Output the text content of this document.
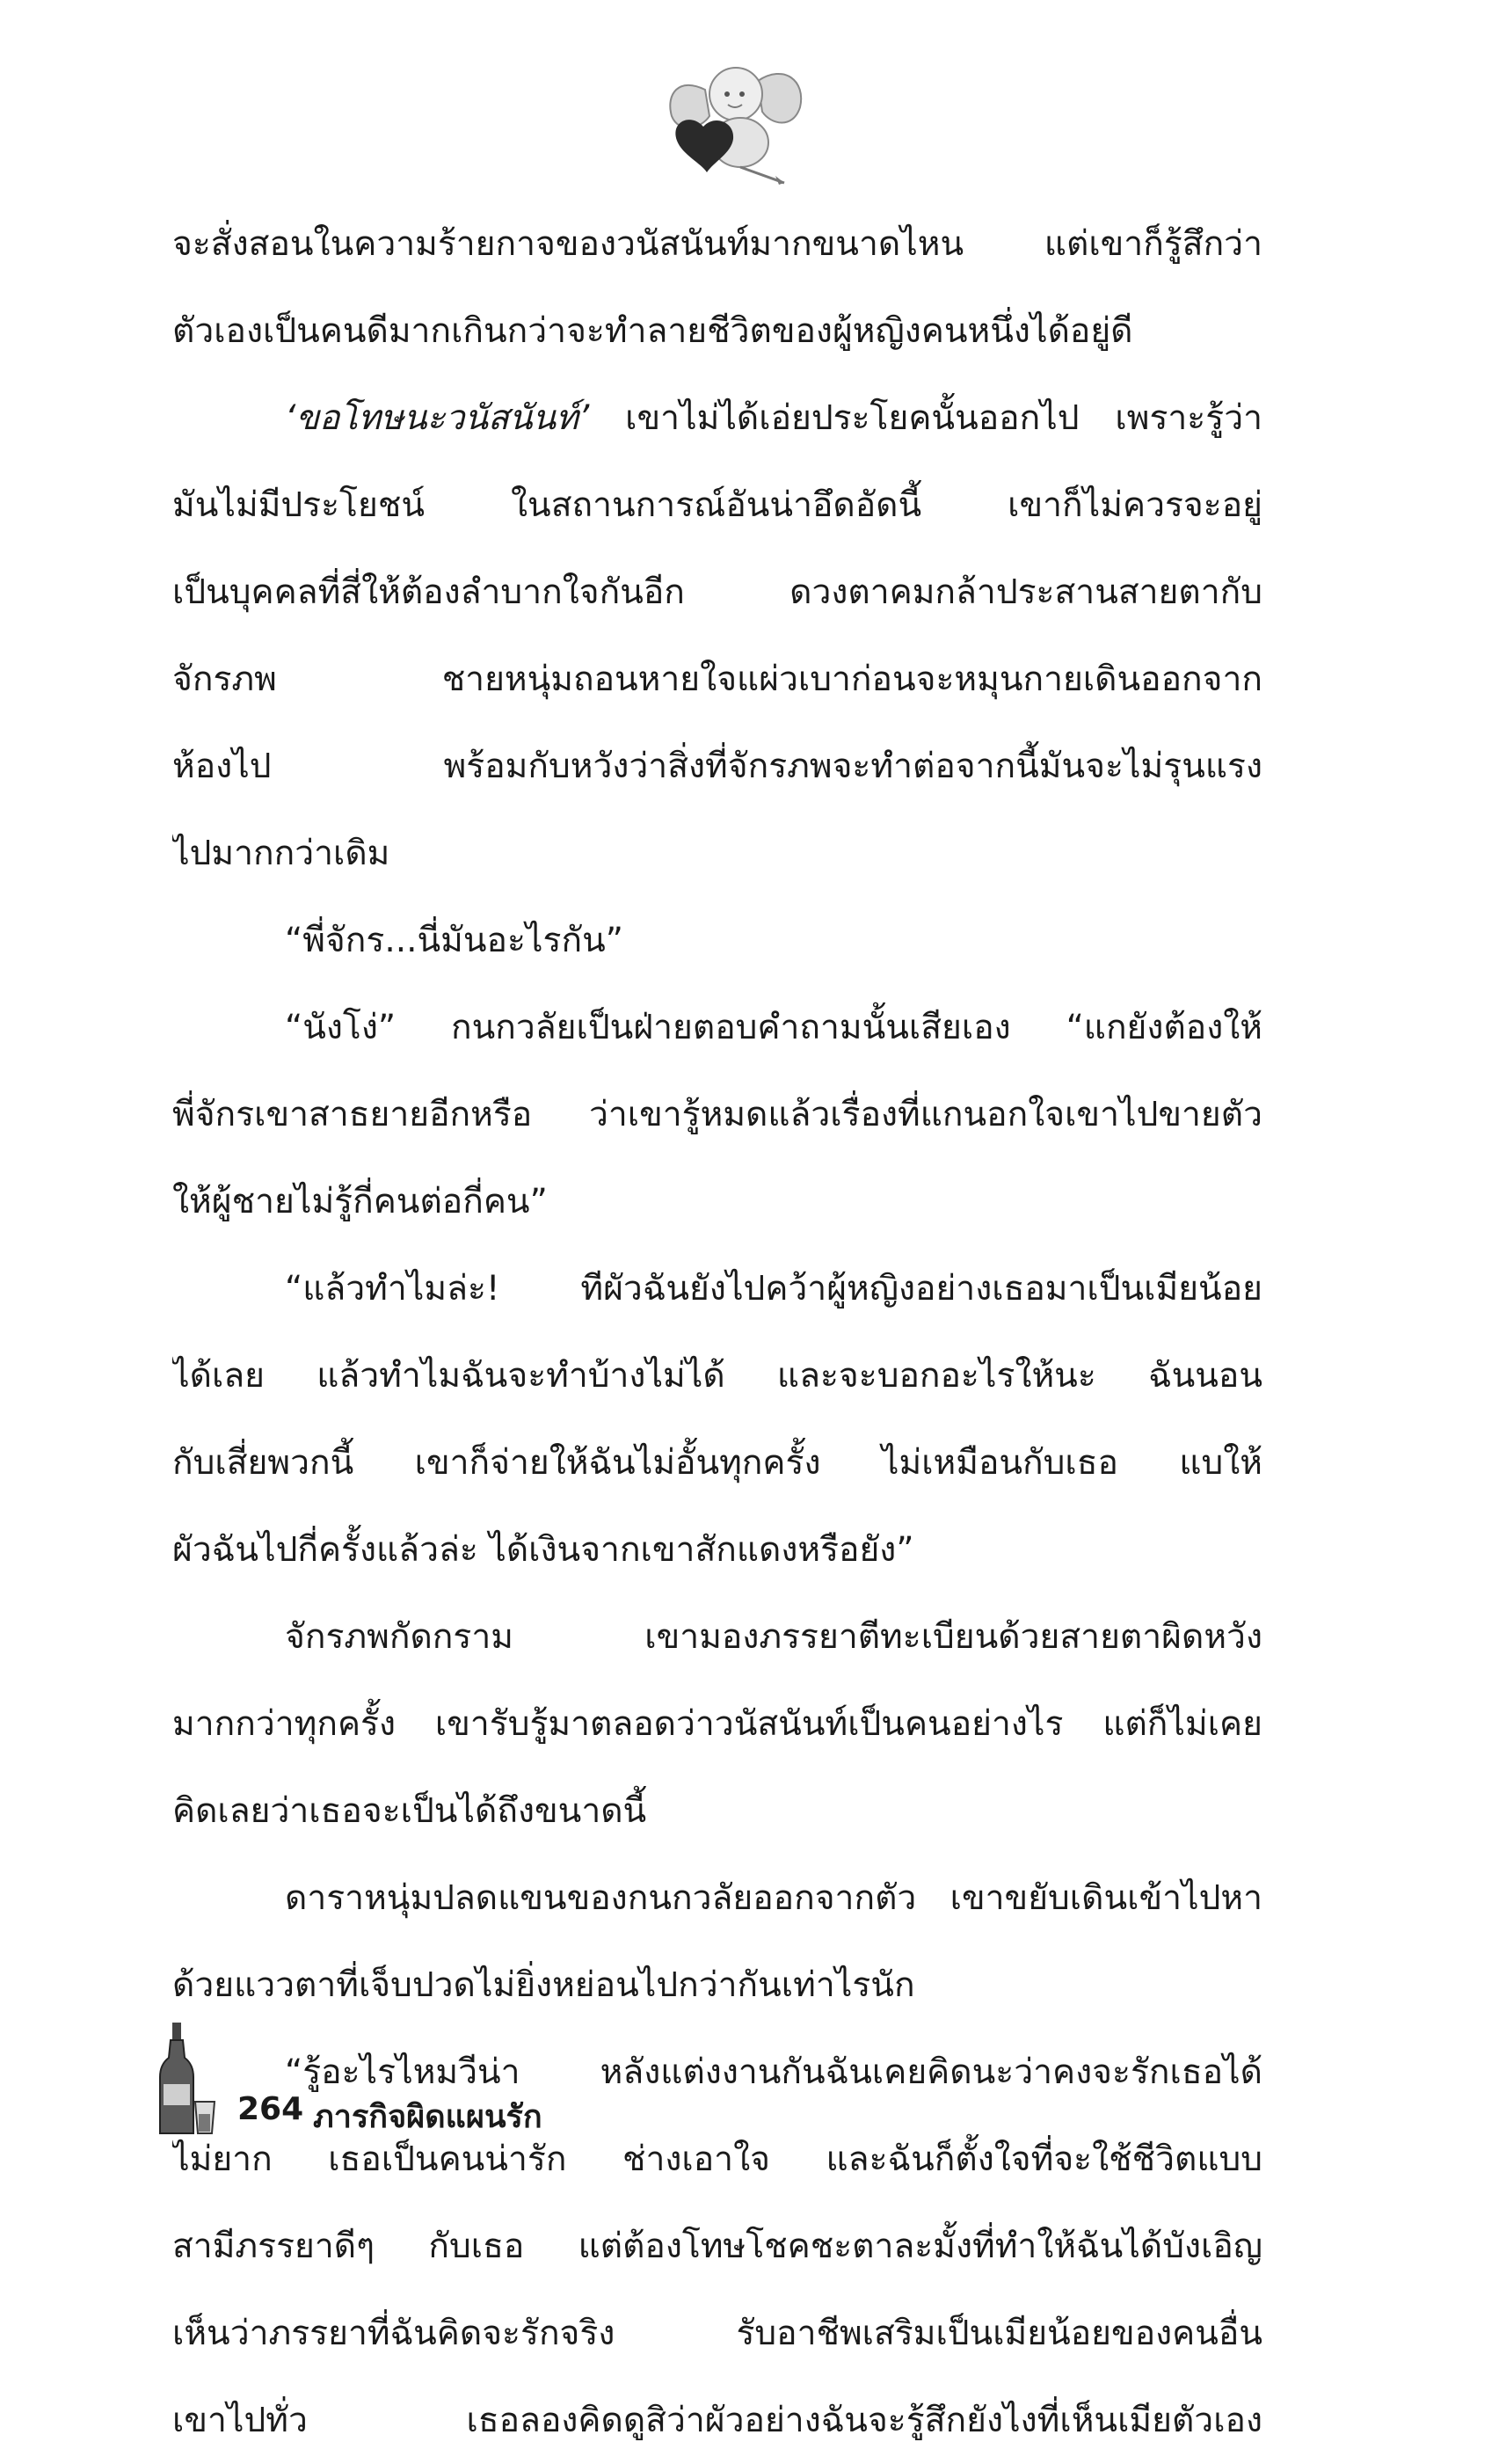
จะสั่งสอนในความร้ายกาจของวนัสนันท์มากขนาดไหน แต่เขาก็รู้สึกว่า
ตัวเองเป็นคนดีมากเกินกว่าจะทำลายชีวิตของผู้หญิงคนหนึ่งได้อยู่ดี
‘ขอโทษนะวนัสนันท์’ เขาไม่ได้เอ่ยประโยคนั้นออกไป เพราะรู้ว่า
มันไม่มีประโยชน์ ในสถานการณ์อันน่าอึดอัดนี้ เขาก็ไม่ควรจะอยู่
เป็นบุคคลที่สี่ให้ต้องลำบากใจกันอีก ดวงตาคมกล้าประสานสายตากับ
จักรภพ ชายหนุ่มถอนหายใจแผ่วเบาก่อนจะหมุนกายเดินออกจาก
ห้องไป พร้อมกับหวังว่าสิ่งที่จักรภพจะทำต่อจากนี้มันจะไม่รุนแรง
ไปมากกว่าเดิม
“พี่จักร...นี่มันอะไรกัน”
“นังโง่” กนกวลัยเป็นฝ่ายตอบคำถามนั้นเสียเอง “แกยังต้องให้
พี่จักรเขาสาธยายอีกหรือ ว่าเขารู้หมดแล้วเรื่องที่แกนอกใจเขาไปขายตัว
ให้ผู้ชายไม่รู้กี่คนต่อกี่คน”
“แล้วทำไมล่ะ! ทีผัวฉันยังไปคว้าผู้หญิงอย่างเธอมาเป็นเมียน้อย
ได้เลย แล้วทำไมฉันจะทำบ้างไม่ได้ และจะบอกอะไรให้นะ ฉันนอน
กับเสี่ยพวกนี้ เขาก็จ่ายให้ฉันไม่อั้นทุกครั้ง ไม่เหมือนกับเธอ แบให้
ผัวฉันไปกี่ครั้งแล้วล่ะ ได้เงินจากเขาสักแดงหรือยัง”
จักรภพกัดกราม เขามองภรรยาตีทะเบียนด้วยสายตาผิดหวัง
มากกว่าทุกครั้ง เขารับรู้มาตลอดว่าวนัสนันท์เป็นคนอย่างไร แต่ก็ไม่เคย
คิดเลยว่าเธอจะเป็นได้ถึงขนาดนี้
ดาราหนุ่มปลดแขนของกนกวลัยออกจากตัว เขาขยับเดินเข้าไปหา
ด้วยแววตาที่เจ็บปวดไม่ยิ่งหย่อนไปกว่ากันเท่าไรนัก
“รู้อะไรไหมวีน่า หลังแต่งงานกันฉันเคยคิดนะว่าคงจะรักเธอได้
ไม่ยาก เธอเป็นคนน่ารัก ช่างเอาใจ และฉันก็ตั้งใจที่จะใช้ชีวิตแบบ
สามีภรรยาดีๆ กับเธอ แต่ต้องโทษโชคชะตาละมั้งที่ทำให้ฉันได้บังเอิญ
เห็นว่าภรรยาที่ฉันคิดจะรักจริง รับอาชีพเสริมเป็นเมียน้อยของคนอื่น
เขาไปทั่ว เธอลองคิดดูสิว่าผัวอย่างฉันจะรู้สึกยังไงที่เห็นเมียตัวเอง
264 ภารกิจผิดแผนรัก
